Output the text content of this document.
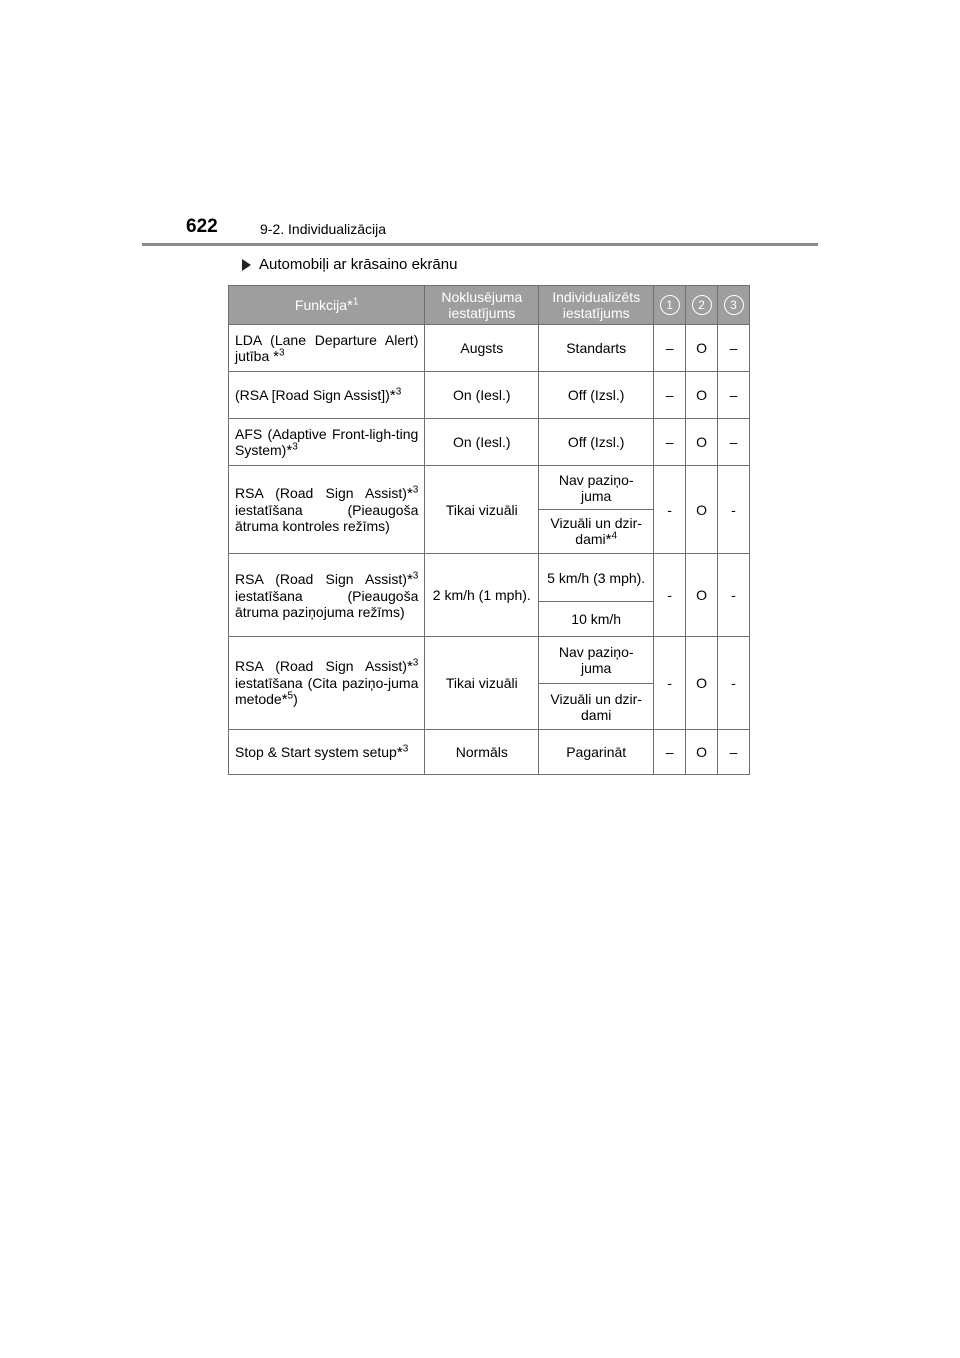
622	9-2. Individualizācija
Automobiļi ar krāsaino ekrānu
Funkcija*$^1$	Noklusējuma iestatījums	Individualizēts iestatījums	1	2	3
LDA (Lane Departure Alert) jutība *$^3$	Augsts	Standarts	–	O	–
(RSA [Road Sign Assist])*$^3$	On (Iesl.)	Off (Izsl.)	–	O	–
AFS (Adaptive Front-ligh-ting System)*$^3$	On (Iesl.)	Off (Izsl.)	–	O	–
RSA (Road Sign Assist)*$^3$ iestatīšana (Pieaugoša ātruma kontroles režīms)	Tikai vizuāli	Nav paziņo-juma	-	O	-
		Vizuāli un dzir-dami*$^4$
RSA (Road Sign Assist)*$^3$ iestatīšana (Pieaugoša ātruma paziņojuma režīms)	2 km/h (1 mph).	5 km/h (3 mph).	-	O	-
		10 km/h			
RSA (Road Sign Assist)*$^3$ iestatīšana (Cita paziņo-juma metode*$^5$)	Tikai vizuāli	Nav paziņo-juma	-	O	-
		Vizuāli un dzir-dami			
Stop & Start system setup*$^3$	Normāls	Pagarināt	–	O	–
